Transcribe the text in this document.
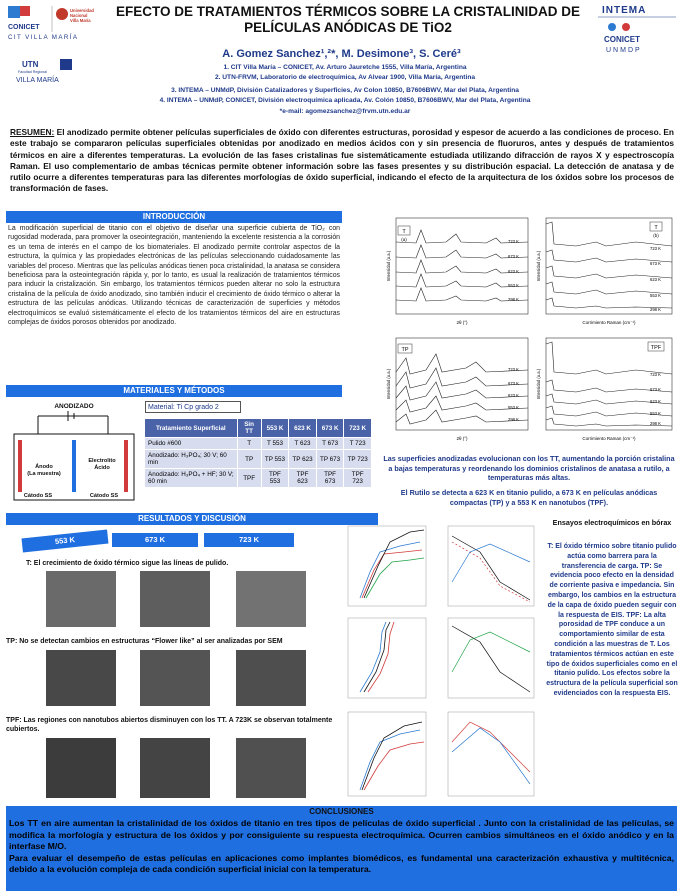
CONICET
Universidad
Nacional
Villa María
CIT VILLA MARÍA
UTN
Facultad Regional
VILLA MARÍA
INTEMA
CONICET
UNMDP
EFECTO DE TRATAMIENTOS TÉRMICOS SOBRE LA CRISTALINIDAD DE PELÍCULAS ANÓDICAS DE TiO2
A. Gomez Sanchez¹,²*, M. Desimone³, S. Ceré³
1. CIT Villa María – CONICET, Av. Arturo Jauretche 1555, Villa María, Argentina
2. UTN-FRVM, Laboratorio de electroquímica, Av Alvear 1900, Villa María, Argentina
3. INTEMA – UNMdP, División Catalizadores y Superficies, Av Colon 10850, B7606BWV, Mar del Plata, Argentina
4. INTEMA – UNMdP, CONICET, División electroquímica aplicada, Av. Colón 10850, B7606BWV, Mar del Plata, Argentina
*e-mail: agomezsanchez@frvm.utn.edu.ar
RESUMEN: El anodizado permite obtener películas superficiales de óxido con diferentes estructuras, porosidad y espesor de acuerdo a las condiciones de proceso. En este trabajo se compararon películas superficiales obtenidas por anodizado en medios ácidos con y sin presencia de fluoruros, antes y después de tratamientos térmicos en aire a diferentes temperaturas. La evolución de las fases cristalinas fue sistemáticamente estudiada utilizando difracción de rayos X y espectroscopía Raman. El uso complementario de ambas técnicas permite obtener información sobre las fases presentes y su distribución espacial. La detección de anatasa y de rutilo ocurre a diferentes temperaturas para las diferentes morfologías de óxido superficial, indicando el efecto de la arquitectura de los óxidos sobre los procesos de transformación de fases.
INTRODUCCIÓN
La modificación superficial de titanio con el objetivo de diseñar una superficie cubierta de TiO₂ con rugosidad moderada, para promover la oseointegración, manteniendo la excelente resistencia a la corrosión es un tema de interés en el campo de los biomateriales. El anodizado permite controlar aspectos de la estructura, la química y las propiedades electrónicas de las películas seleccionando cuidadosamente las variables del proceso. Mientras que las películas anódicas tienen poca cristalinidad, la anatasa se considera beneficiosa para la osteointegración rápida y, por lo tanto, es usual la realización de tratamientos térmicos para inducir la cristalización. Sin embargo, los tratamientos térmicos pueden alterar no solo la estructura cristalina de la película de óxido anodizado, sino también inducir el crecimiento de óxido térmico o alterar la estructura de las películas anódicas. Utilizando técnicas de caracterización de superficies y métodos electroquímicos se evaluó sistemáticamente el efecto de los tratamientos térmicos del aire en estructuras complejas de óxidos porosos obtenidos por anodizado.
MATERIALES Y MÉTODOS
ANODIZADO
Ánodo (La muestra)
Electrolito Ácido
Cátodo SS	Cátodo SS
Material: Ti Cp grado 2
Tratamiento Superficial	Sin TT	553 K	623 K	673 K	723 K
Pulido #600	T	T 553	T 623	T 673	T 723
Anodizado: H₃PO₄; 30 V; 60 min	TP	TP 553	TP 623	TP 673	TP 723
Anodizado: H₃PO₄ + HF; 30 V; 60 min	TPF	TPF 553	TPF 623	TPF 673	TPF 723
RESULTADOS Y DISCUSIÓN
553 K	673 K	723 K
T: El crecimiento de óxido térmico sigue las líneas de pulido.
TP: No se detectan cambios en estructuras “Flower like” al ser analizadas por SEM
TPF: Las regiones con nanotubos abiertos disminuyen con los TT. A 723K se observan totalmente cubiertos.
T
(a)	723 K
673 K
623 K
553 K
298 K
2θ (°)
Intensidad (u.a.)
T
(b)
723 K
673 K
623 K
553 K
298 K
Corrimiento Raman (cm⁻¹)
Intensidad (u.a.)
TP
723 K
673 K
623 K
553 K
298 K
2θ (°)
Intensidad (u.a.)
TPF
723 K
673 K
623 K
553 K
298 K
Corrimiento Raman (cm⁻¹)
Intensidad (u.a.)
Las superficies anodizadas evolucionan con los TT, aumentando la porción cristalina a bajas temperaturas y reordenando los dominios cristalinos de anatasa a rutilo, a temperaturas más altas.
El Rutilo se detecta a 623 K en titanio pulido, a 673 K en películas anódicas compactas (TP) y a 553 K en nanotubos (TPF).
Ensayos electroquímicos en bórax
T: El óxido térmico sobre titanio pulido actúa como barrera para la transferencia de carga. TP: Se evidencia poco efecto en la densidad de corriente pasiva e impedancia. Sin embargo, los cambios en la estructura de la capa de óxido pueden seguir con la respuesta de EIS. TPF: La alta porosidad de TPF conduce a un comportamiento similar de esta condición a las muestras de T. Los tratamientos térmicos actúan en este tipo de óxidos superficiales como en el titanio pulido. Los efectos sobre la estructura de la película superficial son evidenciados con la respuesta EIS.
CONCLUSIONES
Los TT en aire aumentan la cristalinidad de los óxidos de titanio en tres tipos de películas de óxido superficial . Junto con la cristalinidad de las películas, se modifica la morfología y estructura de los óxidos y por consiguiente su respuesta electroquímica. Ocurren cambios simultáneos en el óxido anódico y en la interfase M/O.
Para evaluar el desempeño de estas películas en aplicaciones como implantes biomédicos, es fundamental una caracterización exhaustiva y multitécnica, debido a la evolución compleja de cada condición superficial inicial con la temperatura.
